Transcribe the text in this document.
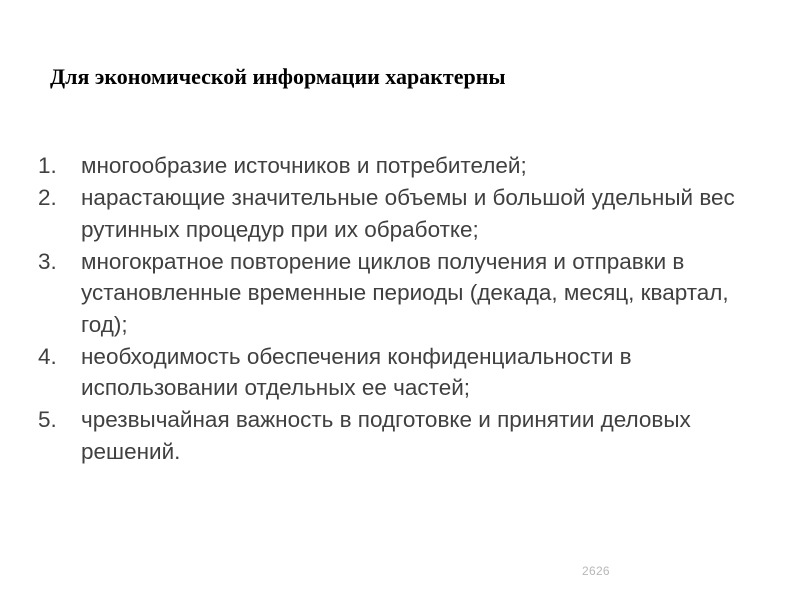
Для экономической информации характерны
1.	многообразие источников и потребителей;
2.	нарастающие значительные объемы и большой удельный вес рутинных процедур при их обработке;
3.	многократное повторение циклов получения и отправки в установленные временные периоды (декада, месяц, квартал, год);
4.	необходимость обеспечения конфиденциальности в использовании отдельных ее частей;
5.	чрезвычайная важность в подготовке и принятии деловых решений.
2626
